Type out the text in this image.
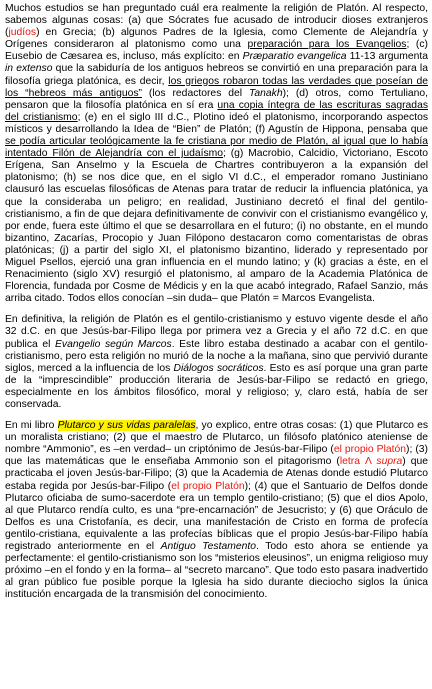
Muchos estudios se han preguntado cuál era realmente la religión de Platón. Al respecto, sabemos algunas cosas: (a) que Sócrates fue acusado de introducir dioses extranjeros (judíos) en Grecia; (b) algunos Padres de la Iglesia, como Clemente de Alejandría y Orígenes consideraron al platonismo como una preparación para los Evangelios; (c) Eusebio de Cæsarea es, incluso, más explícito: en Præparatio evangelica 11-13 argumenta in extenso que la sabiduría de los antiguos hebreos se convirtió en una preparación para la filosofía griega platónica, es decir, los griegos robaron todas las verdades que poseían de los “hebreos más antiguos” (los redactores del Tanakh); (d) otros, como Tertuliano, pensaron que la filosofía platónica en sí era una copia íntegra de las escrituras sagradas del cristianismo; (e) en el siglo III d.C., Plotino ideó el platonismo, incorporando aspectos místicos y desarrollando la Idea de “Bien” de Platón; (f) Agustín de Hippona, pensaba que se podía articular teológicamente la fe cristiana por medio de Platón, al igual que lo había intentado Filón de Alejandría con el judaísmo; (g) Macrobio, Calcidio, Victoriano, Escoto Erígena, San Anselmo y la Escuela de Chartres contribuyeron a la expansión del platonismo; (h) se nos dice que, en el siglo VI d.C., el emperador romano Justiniano clausuró las escuelas filosóficas de Atenas para tratar de reducir la influencia platónica, ya que la consideraba un peligro; en realidad, Justiniano decretó el final del gentilo-cristianismo, a fin de que dejara definitivamente de convivir con el cristianismo evangélico y, por ende, fuera este último el que se desarrollara en el futuro; (i) no obstante, en el mundo bizantino, Zacarías, Procopio y Juan Filópono destacaron como comentaristas de obras platónicas; (j) a partir del siglo XI, el platonismo bizantino, liderado y representado por Miguel Psellos, ejerció una gran influencia en el mundo latino; y (k) gracias a éste, en el Renacimiento (siglo XV) resurgió el platonismo, al amparo de la Academia Platónica de Florencia, fundada por Cosme de Médicis y en la que acabó integrado, Rafael Sanzio, más arriba citado. Todos ellos conocían –sin duda– que Platón = Marcos Evangelista.

En definitiva, la religión de Platón es el gentilo-cristianismo y estuvo vigente desde el año 32 d.C. en que Jesús-bar-Filipo llega por primera vez a Grecia y el año 72 d.C. en que publica el Evangelio según Marcos. Este libro estaba destinado a acabar con el gentilo-cristianismo, pero esta religión no murió de la noche a la mañana, sino que pervivió durante siglos, merced a la influencia de los Diálogos socráticos. Esto es así porque una gran parte de la “imprescindible” producción literaria de Jesús-bar-Filipo se redactó en griego, especialmente en los ámbitos filosófico, moral y religioso; y, claro está, había de ser conservada.

En mi libro Plutarco y sus vidas paralelas, yo explico, entre otras cosas: (1) que Plutarco es un moralista cristiano; (2) que el maestro de Plutarco, un filósofo platónico ateniense de nombre “Ammonio”, es –en verdad– un criptónimo de Jesús-bar-Filipo (el propio Platón); (3) que las matemáticas que le enseñaba Ammonio son el pitagorismo (letra Λ supra) que practicaba el joven Jesús-bar-Filipo; (3) que la Academia de Atenas donde estudió Plutarco estaba regida por Jesús-bar-Filipo (el propio Platón); (4) que el Santuario de Delfos donde Plutarco oficiaba de sumo-sacerdote era un templo gentilo-cristiano; (5) que el dios Apolo, al que Plutarco rendía culto, es una “pre-encarnación” de Jesucristo; y (6) que Oráculo de Delfos es una Cristofanía, es decir, una manifestación de Cristo en forma de profecía gentilo-cristiana, equivalente a las profecías bíblicas que el propio Jesús-bar-Filipo había registrado anteriormente en el Antiguo Testamento. Todo esto ahora se entiende ya perfectamente: el gentilo-cristianismo son los “misterios eleusinos”, un enigma religioso muy próximo –en el fondo y en la forma– al “secreto marcano”. Que todo esto pasara inadvertido al gran público fue posible porque la Iglesia ha sido durante dieciocho siglos la única institución encargada de la transmisión del conocimiento.
